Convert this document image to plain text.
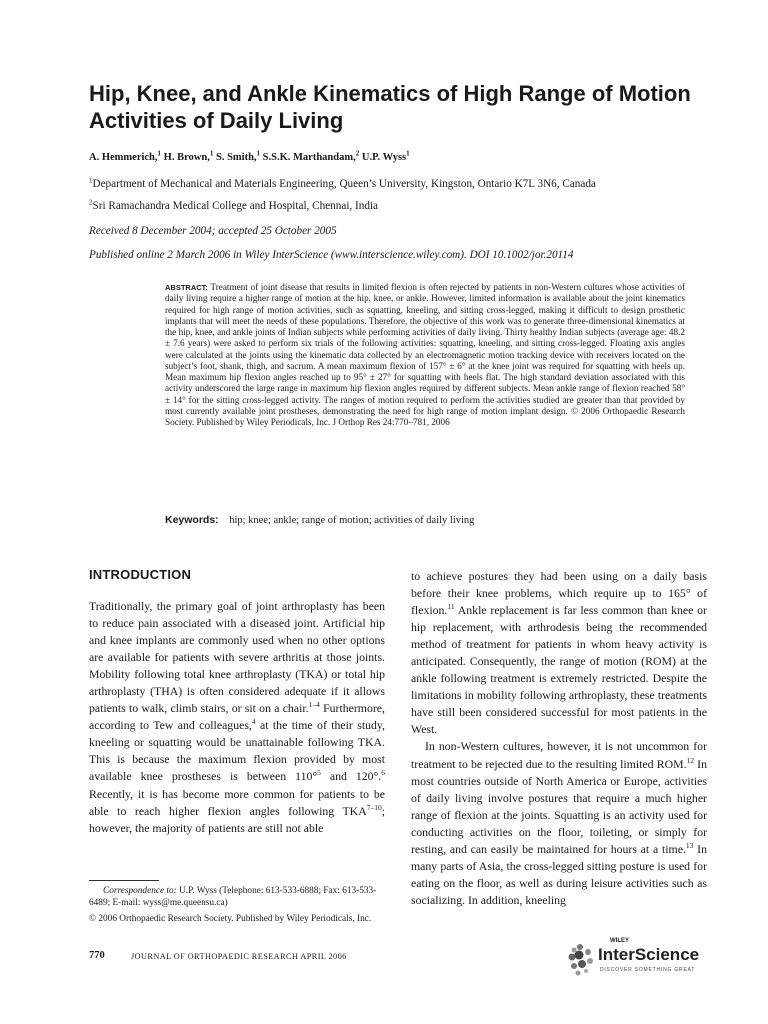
Hip, Knee, and Ankle Kinematics of High Range of Motion Activities of Daily Living
A. Hemmerich,$^1$ H. Brown,$^1$ S. Smith,$^1$ S.S.K. Marthandam,$^2$ U.P. Wyss$^1$
$^1$Department of Mechanical and Materials Engineering, Queen’s University, Kingston, Ontario K7L 3N6, Canada
$^2$Sri Ramachandra Medical College and Hospital, Chennai, India
Received 8 December 2004; accepted 25 October 2005
Published online 2 March 2006 in Wiley InterScience (www.interscience.wiley.com). DOI 10.1002/jor.20114
ABSTRACT: Treatment of joint disease that results in limited flexion is often rejected by patients in non-Western cultures whose activities of daily living require a higher range of motion at the hip, knee, or ankle. However, limited information is available about the joint kinematics required for high range of motion activities, such as squatting, kneeling, and sitting cross-legged, making it difficult to design prosthetic implants that will meet the needs of these populations. Therefore, the objective of this work was to generate three-dimensional kinematics at the hip, knee, and ankle joints of Indian subjects while performing activities of daily living. Thirty healthy Indian subjects (average age: 48.2 ± 7.6 years) were asked to perform six trials of the following activities: squatting, kneeling, and sitting cross-legged. Floating axis angles were calculated at the joints using the kinematic data collected by an electromagnetic motion tracking device with receivers located on the subject’s foot, shank, thigh, and sacrum. A mean maximum flexion of 157° ± 6° at the knee joint was required for squatting with heels up. Mean maximum hip flexion angles reached up to 95° ± 27° for squatting with heels flat. The high standard deviation associated with this activity underscored the large range in maximum hip flexion angles required by different subjects. Mean ankle range of flexion reached 58° ± 14° for the sitting cross-legged activity. The ranges of motion required to perform the activities studied are greater than that provided by most currently available joint prostheses, demonstrating the need for high range of motion implant design. © 2006 Orthopaedic Research Society. Published by Wiley Periodicals, Inc. J Orthop Res 24:770–781, 2006
Keywords: hip; knee; ankle; range of motion; activities of daily living
INTRODUCTION

Traditionally, the primary goal of joint arthroplasty has been to reduce pain associated with a diseased joint. Artificial hip and knee implants are commonly used when no other options are available for patients with severe arthritis at those joints. Mobility following total knee arthroplasty (TKA) or total hip arthroplasty (THA) is often considered adequate if it allows patients to walk, climb stairs, or sit on a chair.$^{1-4}$ Furthermore, according to Tew and colleagues,$^4$ at the time of their study, kneeling or squatting would be unattainable following TKA. This is because the maximum flexion provided by most available knee prostheses is between 110°$^5$ and 120°.$^6$ Recently, it is has become more common for patients to be able to reach higher flexion angles following TKA$^{7-10}$; however, the majority of patients are still not able

to achieve postures they had been using on a daily basis before their knee problems, which require up to 165° of flexion.$^{11}$ Ankle replacement is far less common than knee or hip replacement, with arthrodesis being the recommended method of treatment for patients in whom heavy activity is anticipated. Consequently, the range of motion (ROM) at the ankle following treatment is extremely restricted. Despite the limitations in mobility following arthroplasty, these treatments have still been considered successful for most patients in the West.

In non-Western cultures, however, it is not uncommon for treatment to be rejected due to the resulting limited ROM.$^{12}$ In most countries outside of North America or Europe, activities of daily living involve postures that require a much higher range of flexion at the joints. Squatting is an activity used for conducting activities on the floor, toileting, or simply for resting, and can easily be maintained for hours at a time.$^{13}$ In many parts of Asia, the cross-legged sitting posture is used for eating on the floor, as well as during leisure activities such as socializing. In addition, kneeling

Correspondence to: U.P. Wyss (Telephone: 613-533-6888; Fax: 613-533-6489; E-mail: wyss@me.queensu.ca)

© 2006 Orthopaedic Research Society. Published by Wiley Periodicals, Inc.

770	JOURNAL OF ORTHOPAEDIC RESEARCH APRIL 2006
WILEY
InterScience
DISCOVER SOMETHING GREAT
